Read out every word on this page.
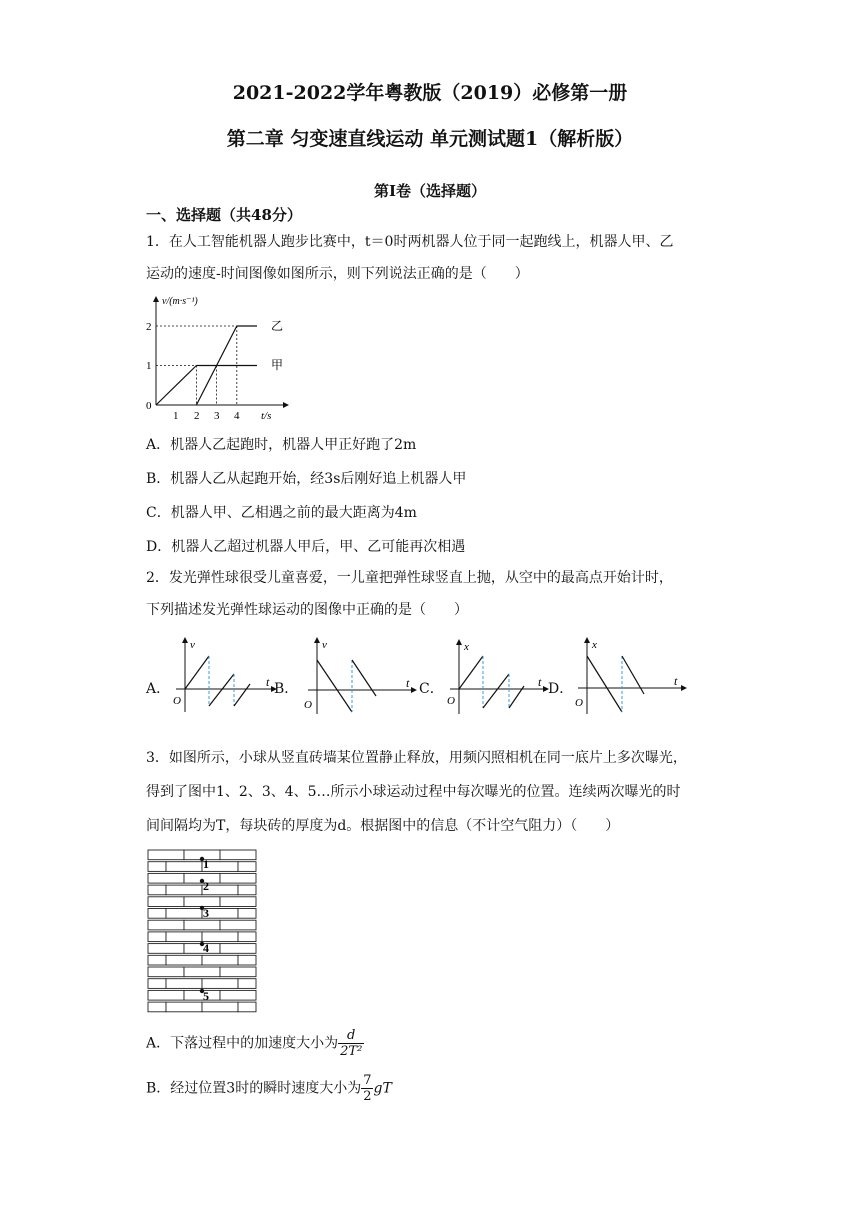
2021-2022学年粤教版（2019）必修第一册
第二章 匀变速直线运动 单元测试题1（解析版）
第Ⅰ卷（选择题）
一、选择题（共48分）
1．在人工智能机器人跑步比赛中，t＝0时两机器人位于同一起跑线上，机器人甲、乙
运动的速度-时间图像如图所示，则下列说法正确的是（　　）
v/(m·s⁻¹)
t/s
0
2
1
1 2 3 4
乙
甲
A．机器人乙起跑时，机器人甲正好跑了2m
B．机器人乙从起跑开始，经3s后刚好追上机器人甲
C．机器人甲、乙相遇之前的最大距离为4m
D．机器人乙超过机器人甲后，甲、乙可能再次相遇
2．发光弹性球很受儿童喜爱，一儿童把弹性球竖直上抛，从空中的最高点开始计时，
下列描述发光弹性球运动的图像中正确的是（　　）
A．
v
t
O
B．
v
t
O
C．
x
t
O
D．
x
t
O
3．如图所示，小球从竖直砖墙某位置静止释放，用频闪照相机在同一底片上多次曝光，
得到了图中1、2、3、4、5…所示小球运动过程中每次曝光的位置。连续两次曝光的时
间间隔均为T，每块砖的厚度为d。根据图中的信息（不计空气阻力）（　　）
1
2
3
4
5
A．下落过程中的加速度大小为 $\frac{d}{\text{2T²}}$
B．经过位置3时的瞬时速度大小为 $\frac{7}{2}$ gT
